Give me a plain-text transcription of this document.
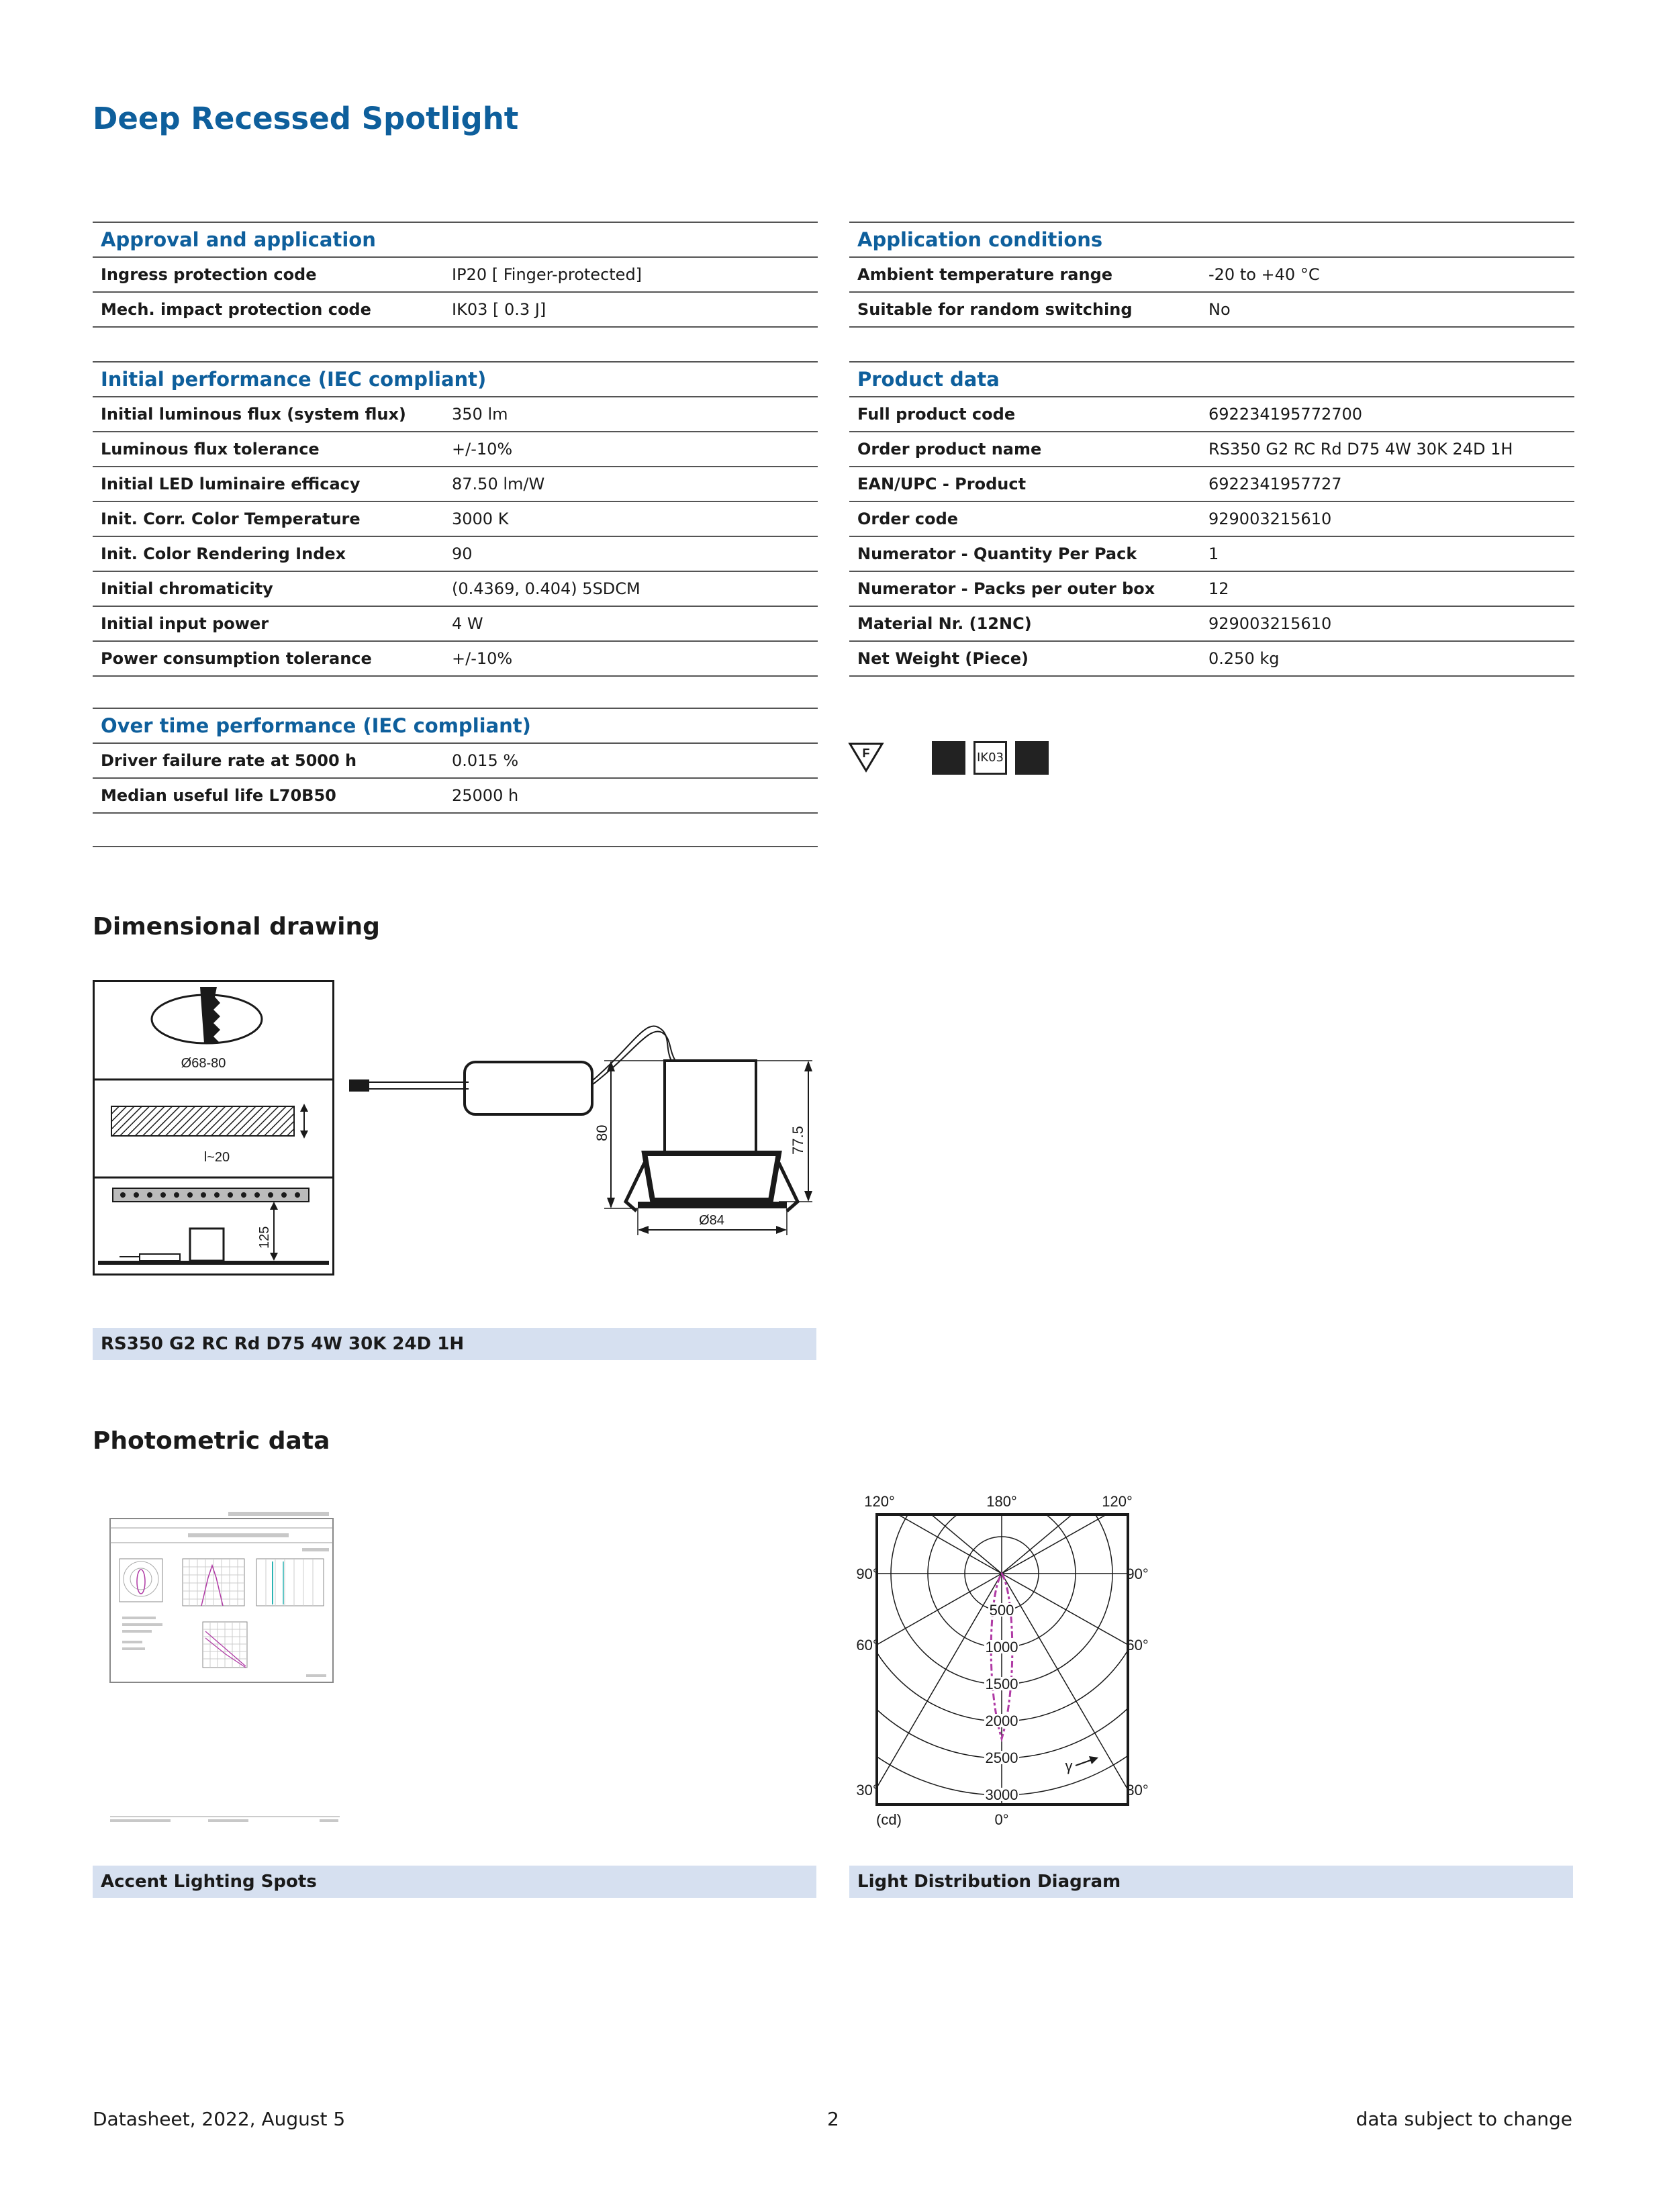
Deep Recessed Spotlight
Approval and application
Ingress protection code	IP20 [ Finger-protected]
Mech. impact protection code	IK03 [ 0.3 J]
Initial performance (IEC compliant)
Initial luminous flux (system flux)	350 lm
Luminous flux tolerance	+/-10%
Initial LED luminaire efficacy	87.50 lm/W
Init. Corr. Color Temperature	3000 K
Init. Color Rendering Index	90
Initial chromaticity	(0.4369, 0.404) 5SDCM
Initial input power	4 W
Power consumption tolerance	+/-10%
Over time performance (IEC compliant)
Driver failure rate at 5000 h	0.015 %
Median useful life L70B50	25000 h
Application conditions
Ambient temperature range	-20 to +40 °C
Suitable for random switching	No
Product data
Full product code	692234195772700
Order product name	RS350 G2 RC Rd D75 4W 30K 24D 1H
EAN/UPC - Product	6922341957727
Order code	929003215610
Numerator - Quantity Per Pack	1
Numerator - Packs per outer box	12
Material Nr. (12NC)	929003215610
Net Weight (Piece)	0.250 kg
F	IK03
Dimensional drawing
Ø68-80
l~20
125
80	77.5
Ø84
RS350 G2 RC Rd D75 4W 30K 24D 1H
Photometric data
Accent Lighting Spots
500
1000
1500
2000
2500
3000
120°	180°	120°
90°	90°
60°	60°
30°	30°
0°
(cd)
γ
Light Distribution Diagram
Datasheet, 2022, August 5	2	data subject to change
